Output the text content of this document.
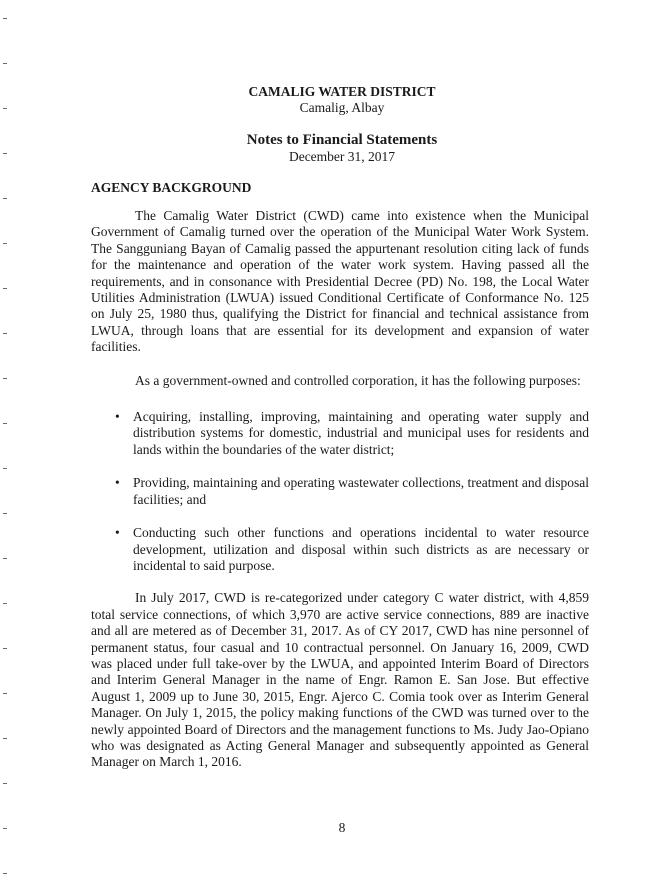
CAMALIG WATER DISTRICT
Camalig, Albay
Notes to Financial Statements
December 31, 2017
AGENCY BACKGROUND

The Camalig Water District (CWD) came into existence when the Municipal Government of Camalig turned over the operation of the Municipal Water Work System. The Sangguniang Bayan of Camalig passed the appurtenant resolution citing lack of funds for the maintenance and operation of the water work system. Having passed all the requirements, and in consonance with Presidential Decree (PD) No. 198, the Local Water Utilities Administration (LWUA) issued Conditional Certificate of Conformance No. 125 on July 25, 1980 thus, qualifying the District for financial and technical assistance from LWUA, through loans that are essential for its development and expansion of water facilities.

As a government-owned and controlled corporation, it has the following purposes:

• Acquiring, installing, improving, maintaining and operating water supply and distribution systems for domestic, industrial and municipal uses for residents and lands within the boundaries of the water district;
• Providing, maintaining and operating wastewater collections, treatment and disposal facilities; and
• Conducting such other functions and operations incidental to water resource development, utilization and disposal within such districts as are necessary or incidental to said purpose.

In July 2017, CWD is re-categorized under category C water district, with 4,859 total service connections, of which 3,970 are active service connections, 889 are inactive and all are metered as of December 31, 2017. As of CY 2017, CWD has nine personnel of permanent status, four casual and 10 contractual personnel. On January 16, 2009, CWD was placed under full take-over by the LWUA, and appointed Interim Board of Directors and Interim General Manager in the name of Engr. Ramon E. San Jose. But effective August 1, 2009 up to June 30, 2015, Engr. Ajerco C. Comia took over as Interim General Manager. On July 1, 2015, the policy making functions of the CWD was turned over to the newly appointed Board of Directors and the management functions to Ms. Judy Jao-Opiano who was designated as Acting General Manager and subsequently appointed as General Manager on March 1, 2016.

8
